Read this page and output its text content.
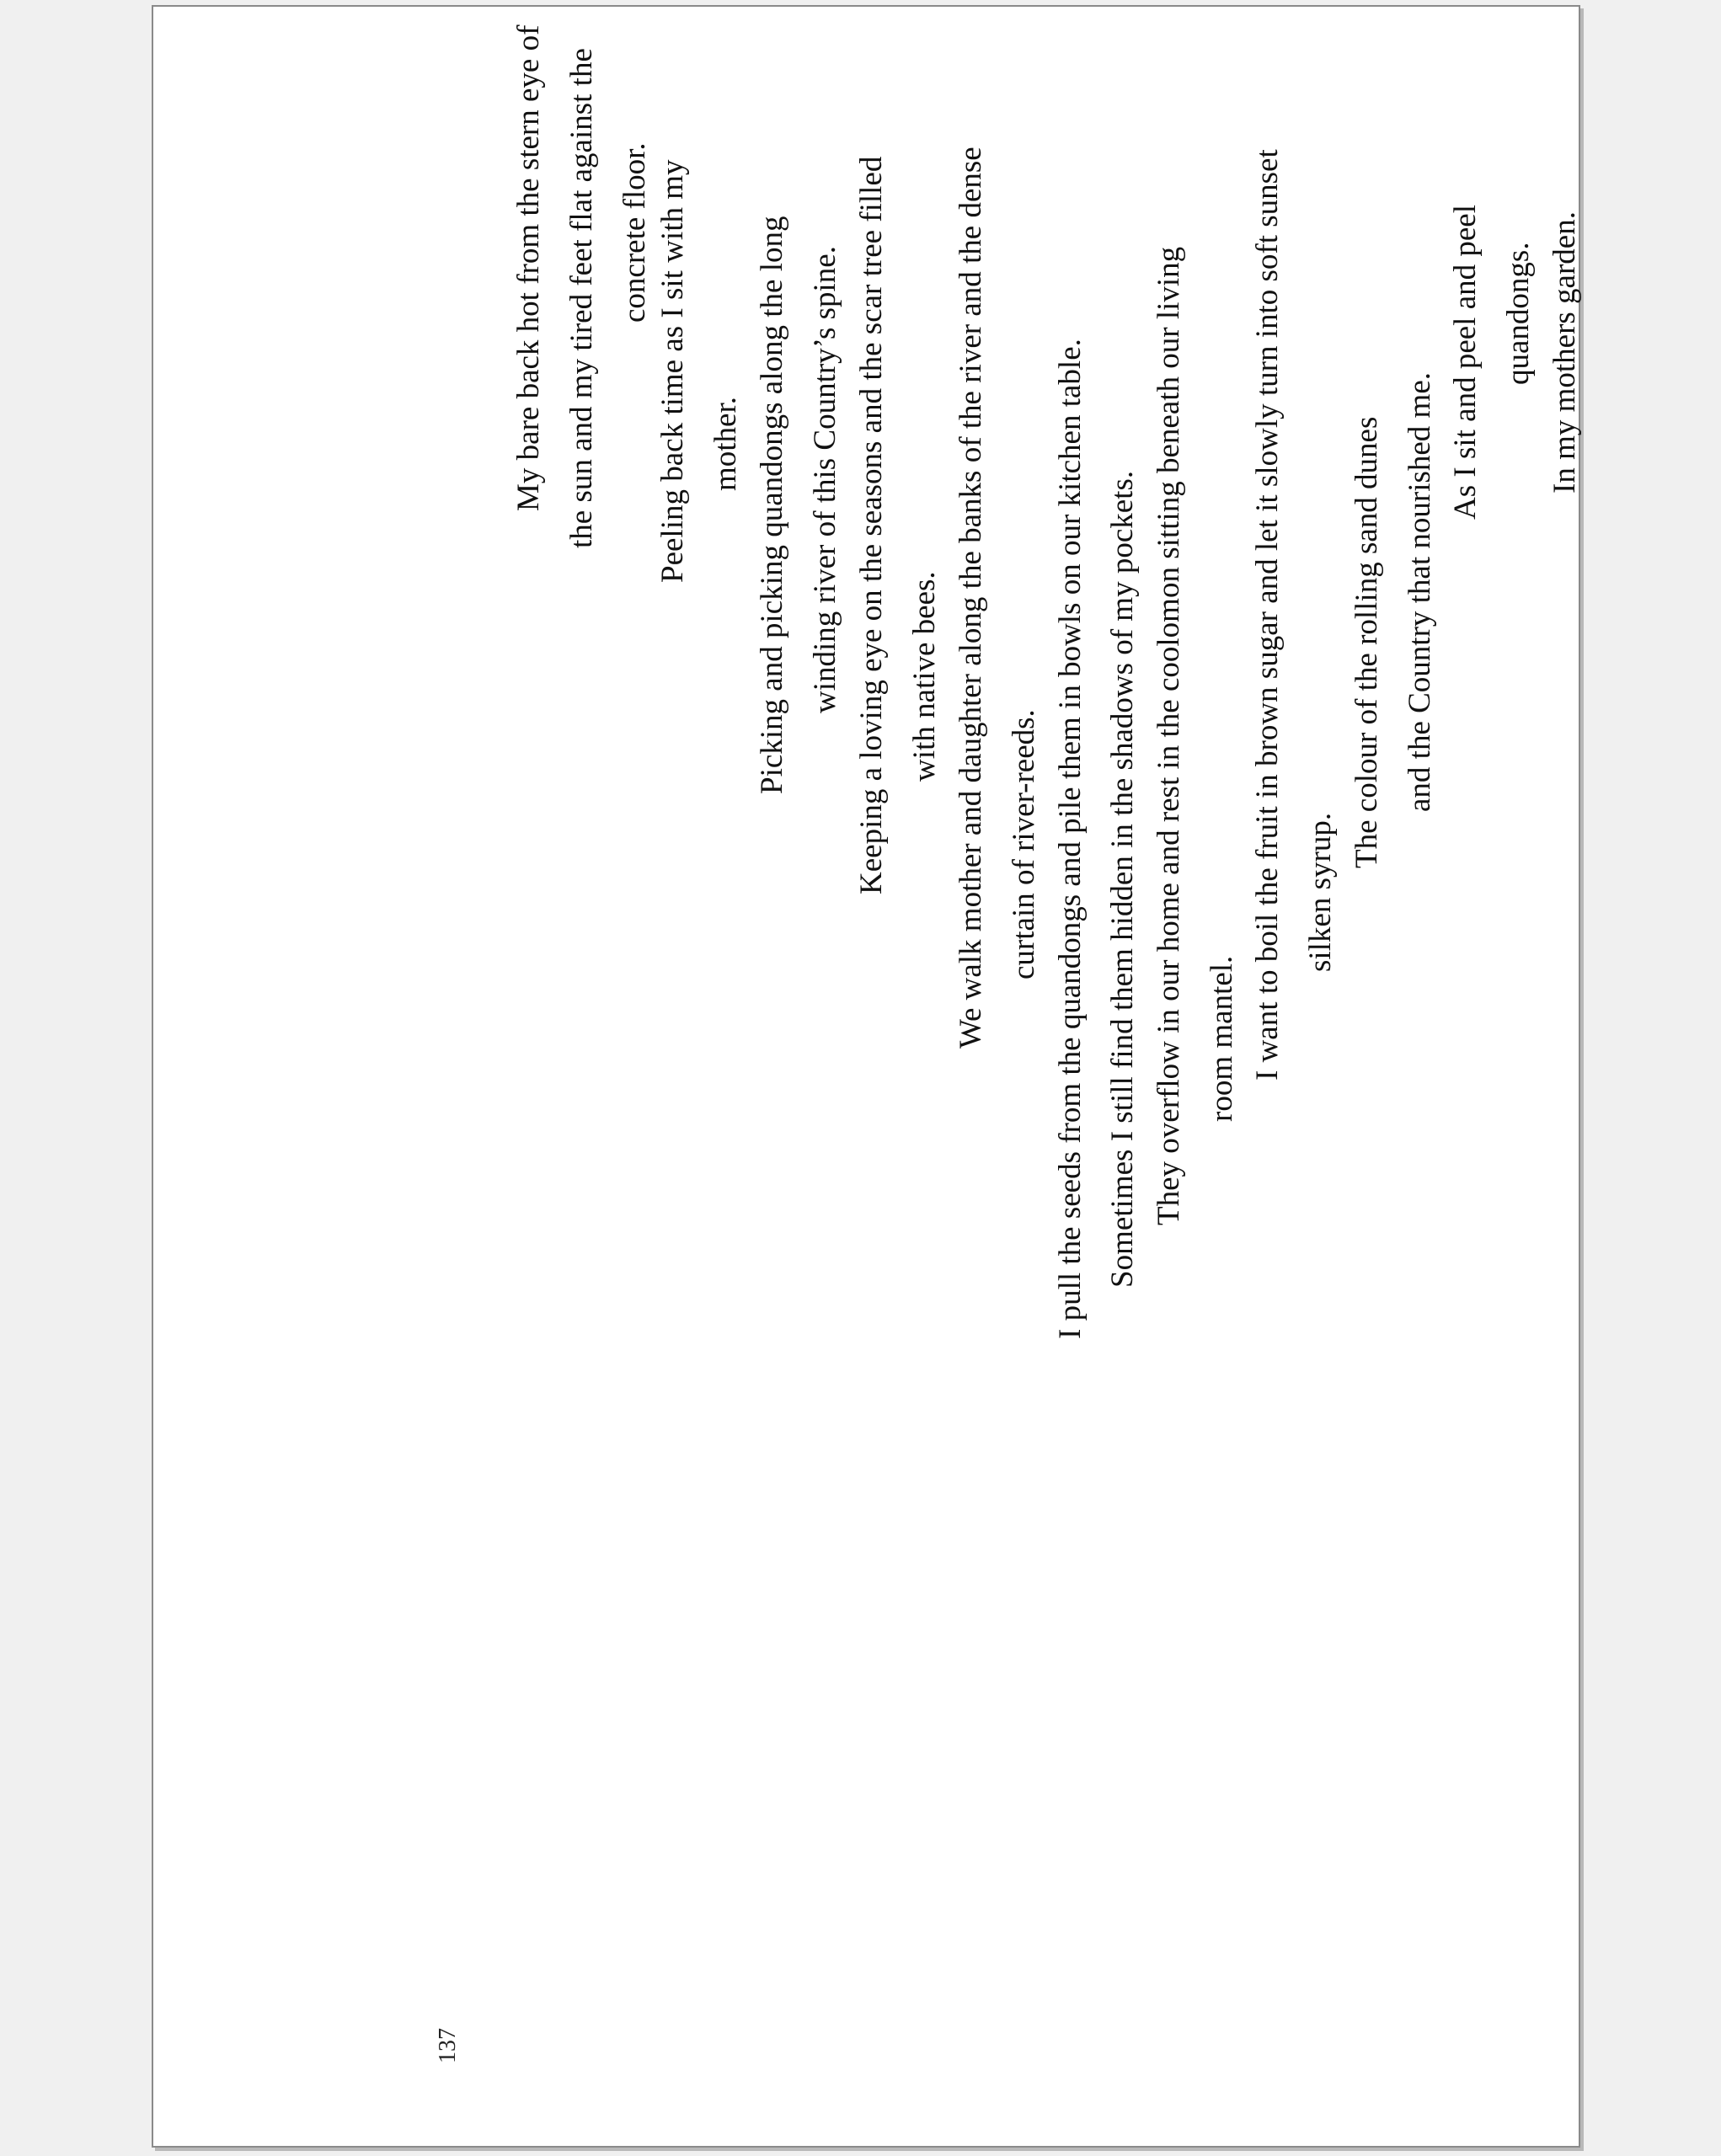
My bare back hot from the stern eye of the sun and my tired feet flat against the concrete floor. Peeling back time as I sit with my mother. Picking and picking quandongs along the long winding river of this Country’s spine. Keeping a loving eye on the seasons and the scar tree filled with native bees. We walk mother and daughter along the banks of the river and the dense curtain of river-reeds. I pull the seeds from the quandongs and pile them in bowls on our kitchen table. Sometimes I still find them hidden in the shadows of my pockets. They overflow in our home and rest in the coolomon sitting beneath our living room mantel. I want to boil the fruit in brown sugar and let it slowly turn into soft sunset silken syrup.
The colour of the rolling sand dunes and the Country that nourished me.
As I sit and peel and peel quandongs. In my mothers garden.
137
